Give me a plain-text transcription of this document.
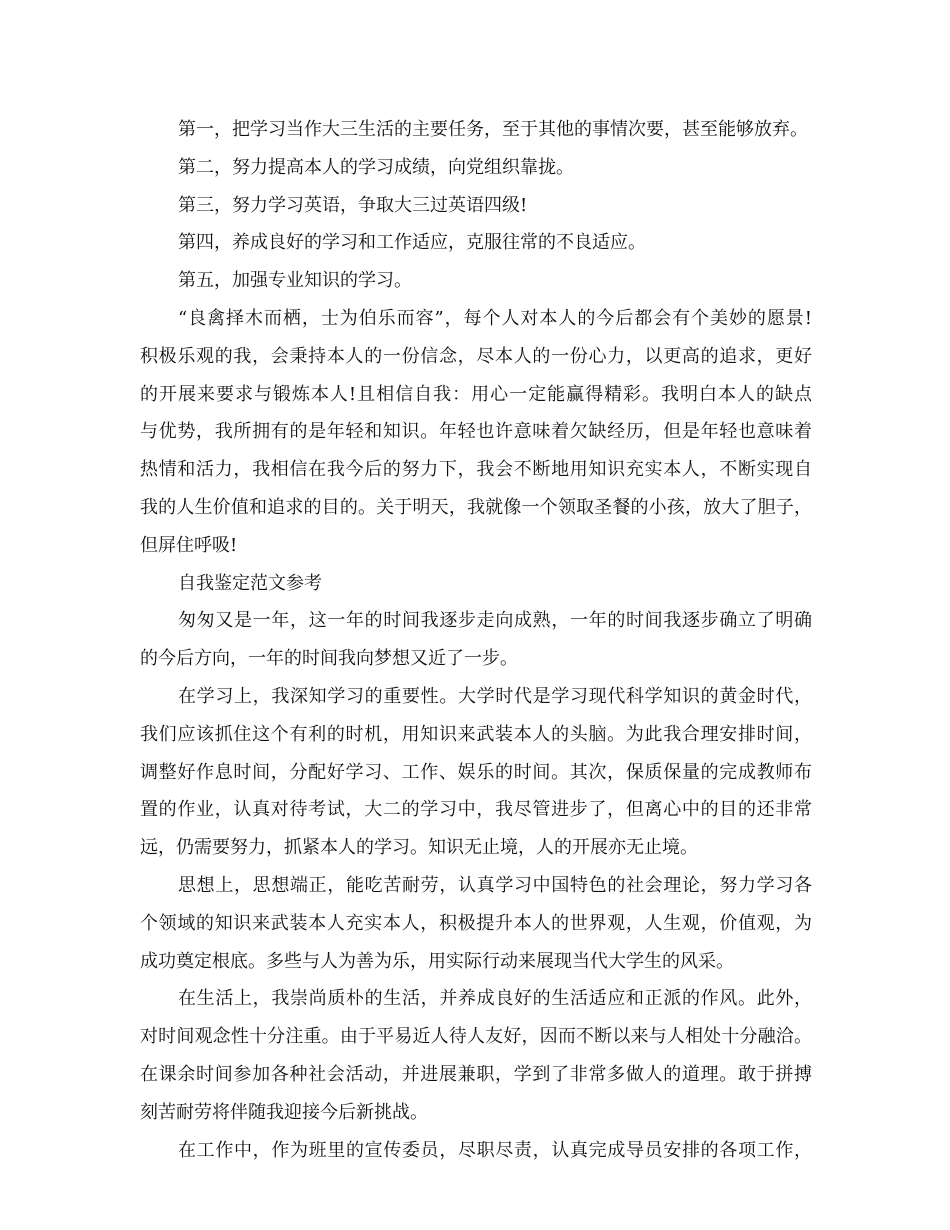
第一，把学习当作大三生活的主要任务，至于其他的事情次要，甚至能够放弃。
第二，努力提高本人的学习成绩，向党组织靠拢。
第三，努力学习英语，争取大三过英语四级!
第四，养成良好的学习和工作适应，克服往常的不良适应。
第五，加强专业知识的学习。
“良禽择木而栖，士为伯乐而容”，每个人对本人的今后都会有个美妙的愿景!
积极乐观的我，会秉持本人的一份信念，尽本人的一份心力，以更高的追求，更好
的开展来要求与锻炼本人!且相信自我：用心一定能赢得精彩。我明白本人的缺点
与优势，我所拥有的是年轻和知识。年轻也许意味着欠缺经历，但是年轻也意味着
热情和活力，我相信在我今后的努力下，我会不断地用知识充实本人，不断实现自
我的人生价值和追求的目的。关于明天，我就像一个领取圣餐的小孩，放大了胆子，
但屏住呼吸!
自我鉴定范文参考
匆匆又是一年，这一年的时间我逐步走向成熟，一年的时间我逐步确立了明确
的今后方向，一年的时间我向梦想又近了一步。
在学习上，我深知学习的重要性。大学时代是学习现代科学知识的黄金时代，
我们应该抓住这个有利的时机，用知识来武装本人的头脑。为此我合理安排时间，
调整好作息时间，分配好学习、工作、娱乐的时间。其次，保质保量的完成教师布
置的作业，认真对待考试，大二的学习中，我尽管进步了，但离心中的目的还非常
远，仍需要努力，抓紧本人的学习。知识无止境，人的开展亦无止境。
思想上，思想端正，能吃苦耐劳，认真学习中国特色的社会理论，努力学习各
个领域的知识来武装本人充实本人，积极提升本人的世界观，人生观，价值观，为
成功奠定根底。多些与人为善为乐，用实际行动来展现当代大学生的风采。
在生活上，我崇尚质朴的生活，并养成良好的生活适应和正派的作风。此外，
对时间观念性十分注重。由于平易近人待人友好，因而不断以来与人相处十分融洽。
在课余时间参加各种社会活动，并进展兼职，学到了非常多做人的道理。敢于拼搏
刻苦耐劳将伴随我迎接今后新挑战。
在工作中，作为班里的宣传委员，尽职尽责，认真完成导员安排的各项工作，
